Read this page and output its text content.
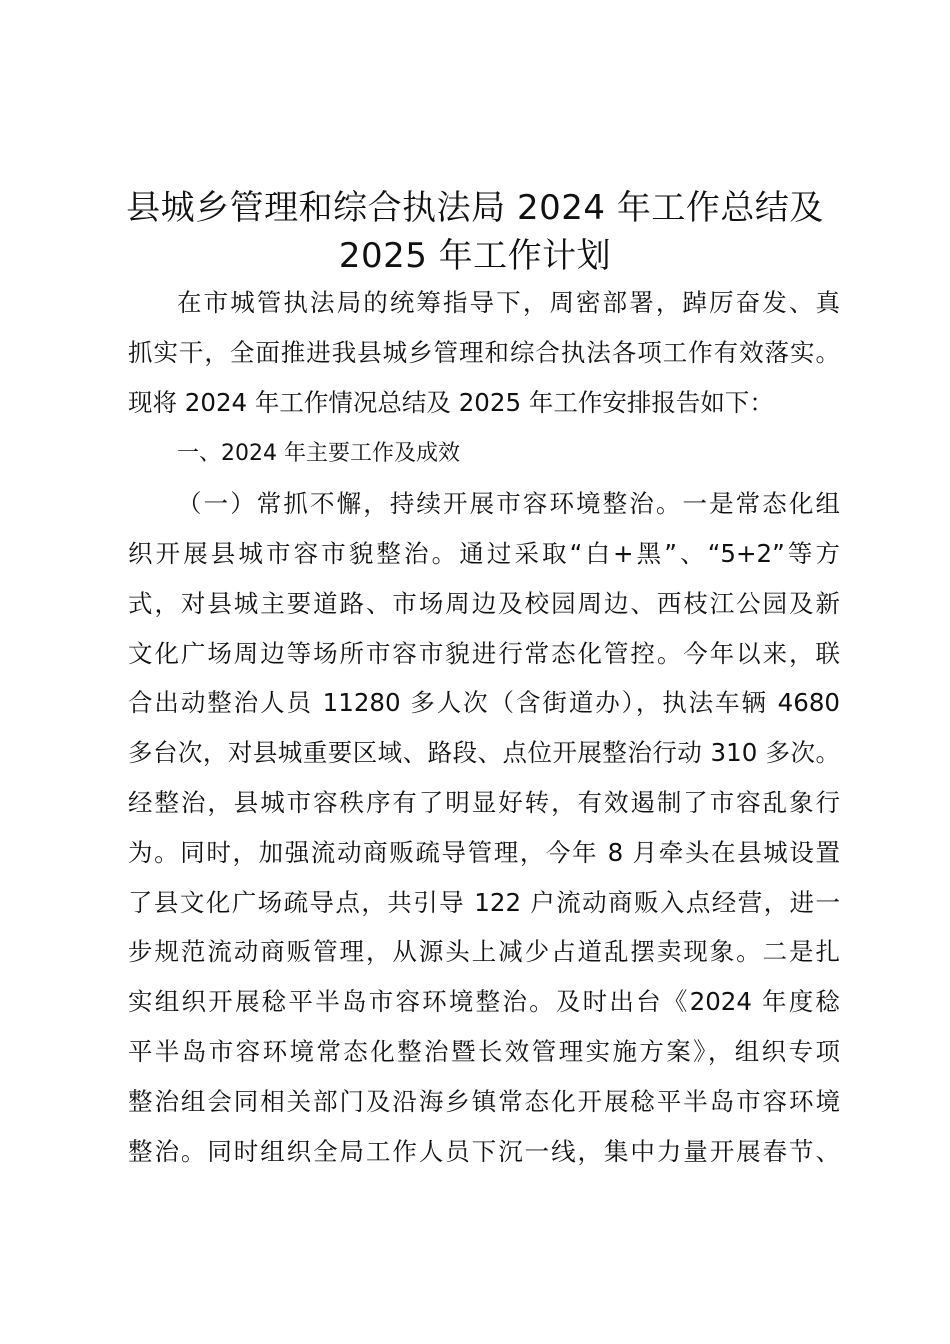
县城乡管理和综合执法局 2024 年工作总结及
2025 年工作计划

在市城管执法局的统筹指导下，周密部署，踔厉奋发、真

抓实干，全面推进我县城乡管理和综合执法各项工作有效落实。

现将 2024 年工作情况总结及 2025 年工作安排报告如下：

一、2024 年主要工作及成效

（一）常抓不懈，持续开展市容环境整治。一是常态化组

织开展县城市容市貌整治。通过采取“白+黑”、“5+2”等方

式，对县城主要道路、市场周边及校园周边、西枝江公园及新

文化广场周边等场所市容市貌进行常态化管控。今年以来，联

合出动整治人员 11280 多人次（含街道办），执法车辆 4680

多台次，对县城重要区域、路段、点位开展整治行动 310 多次。

经整治，县城市容秩序有了明显好转，有效遏制了市容乱象行

为。同时，加强流动商贩疏导管理，今年 8 月牵头在县城设置

了县文化广场疏导点，共引导 122 户流动商贩入点经营，进一

步规范流动商贩管理，从源头上减少占道乱摆卖现象。二是扎

实组织开展稔平半岛市容环境整治。及时出台《2024 年度稔

平半岛市容环境常态化整治暨长效管理实施方案》，组织专项

整治组会同相关部门及沿海乡镇常态化开展稔平半岛市容环境

整治。同时组织全局工作人员下沉一线，集中力量开展春节、
